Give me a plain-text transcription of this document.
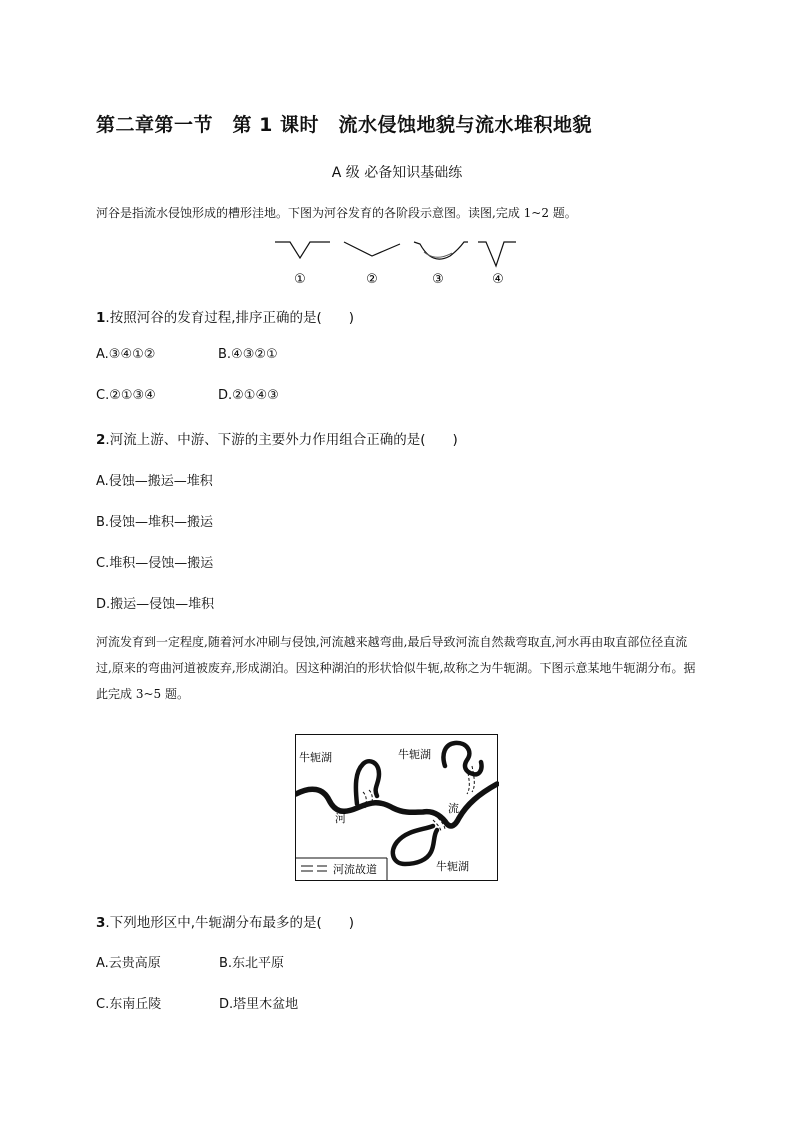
第二章第一节　第 1 课时　流水侵蚀地貌与流水堆积地貌
A 级 必备知识基础练
河谷是指流水侵蚀形成的槽形洼地。下图为河谷发育的各阶段示意图。读图,完成 1~2 题。
①	②	③	④
1.按照河谷的发育过程,排序正确的是(　　)
A.③④①②	B.④③②①
C.②①③④	D.②①④③
2.河流上游、中游、下游的主要外力作用组合正确的是(　　)
A.侵蚀—搬运—堆积
B.侵蚀—堆积—搬运
C.堆积—侵蚀—搬运
D.搬运—侵蚀—堆积
河流发育到一定程度,随着河水冲刷与侵蚀,河流越来越弯曲,最后导致河流自然裁弯取直,河水再由取直部位径直流过,原来的弯曲河道被废弃,形成湖泊。因这种湖泊的形状恰似牛轭,故称之为牛轭湖。下图示意某地牛轭湖分布。据此完成 3~5 题。
牛轭湖	牛轭湖
牛轭湖
河
流
河流故道
3.下列地形区中,牛轭湖分布最多的是(　　)
A.云贵高原	B.东北平原
C.东南丘陵	D.塔里木盆地
